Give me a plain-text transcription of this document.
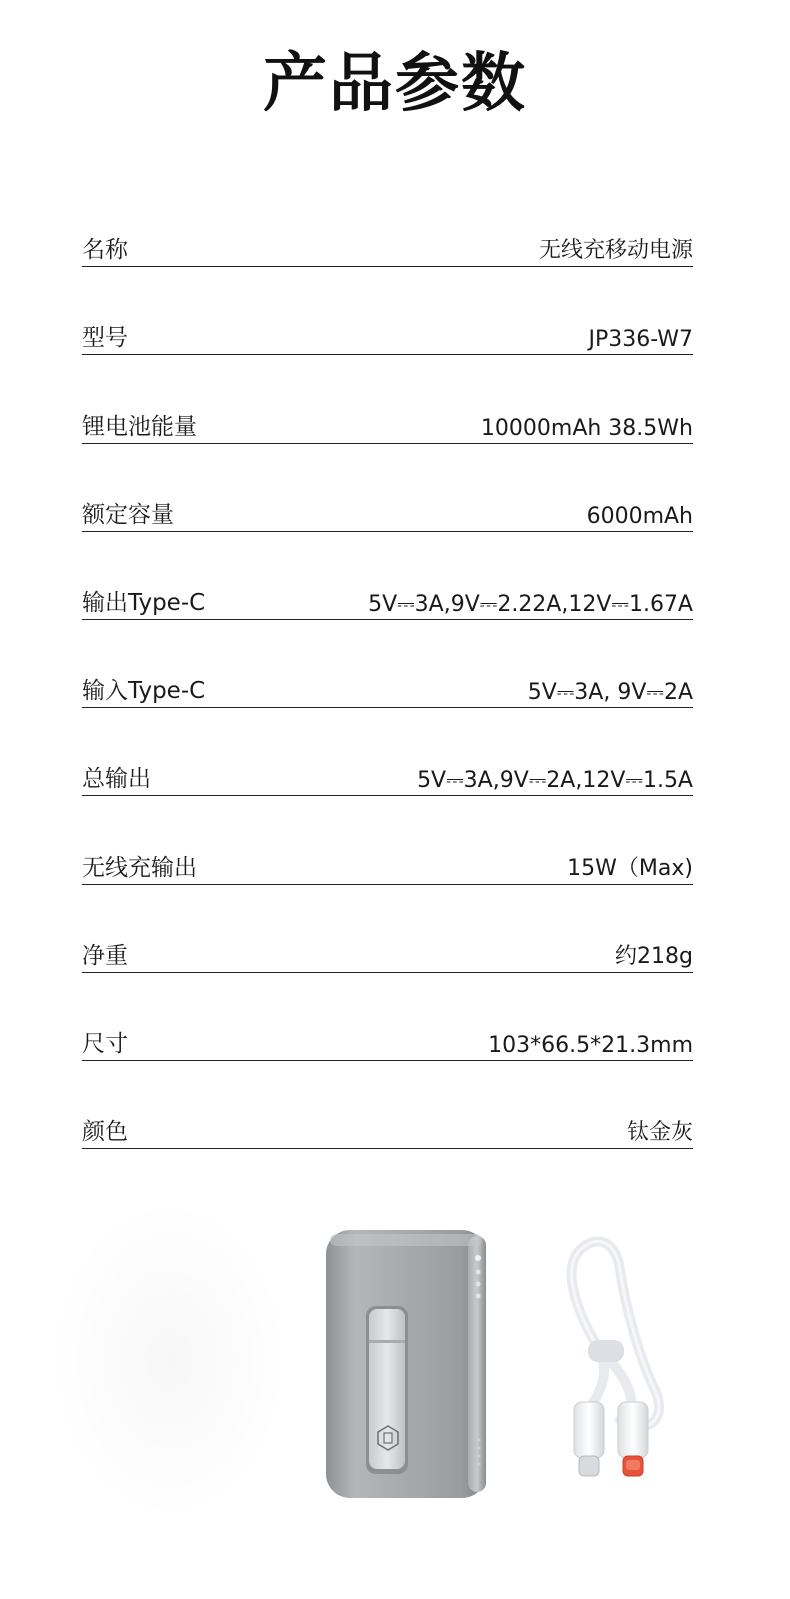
产品参数
名称	无线充移动电源
型号	JP336-W7
锂电池能量	10000mAh 38.5Wh
额定容量	6000mAh
输出Type-C	5V⎓3A,9V⎓2.22A,12V⎓1.67A
输入Type-C	5V⎓3A, 9V⎓2A
总输出	5V⎓3A,9V⎓2A,12V⎓1.5A
无线充输出	15W（Max)
净重	约218g
尺寸	103*66.5*21.3mm
颜色	钛金灰
